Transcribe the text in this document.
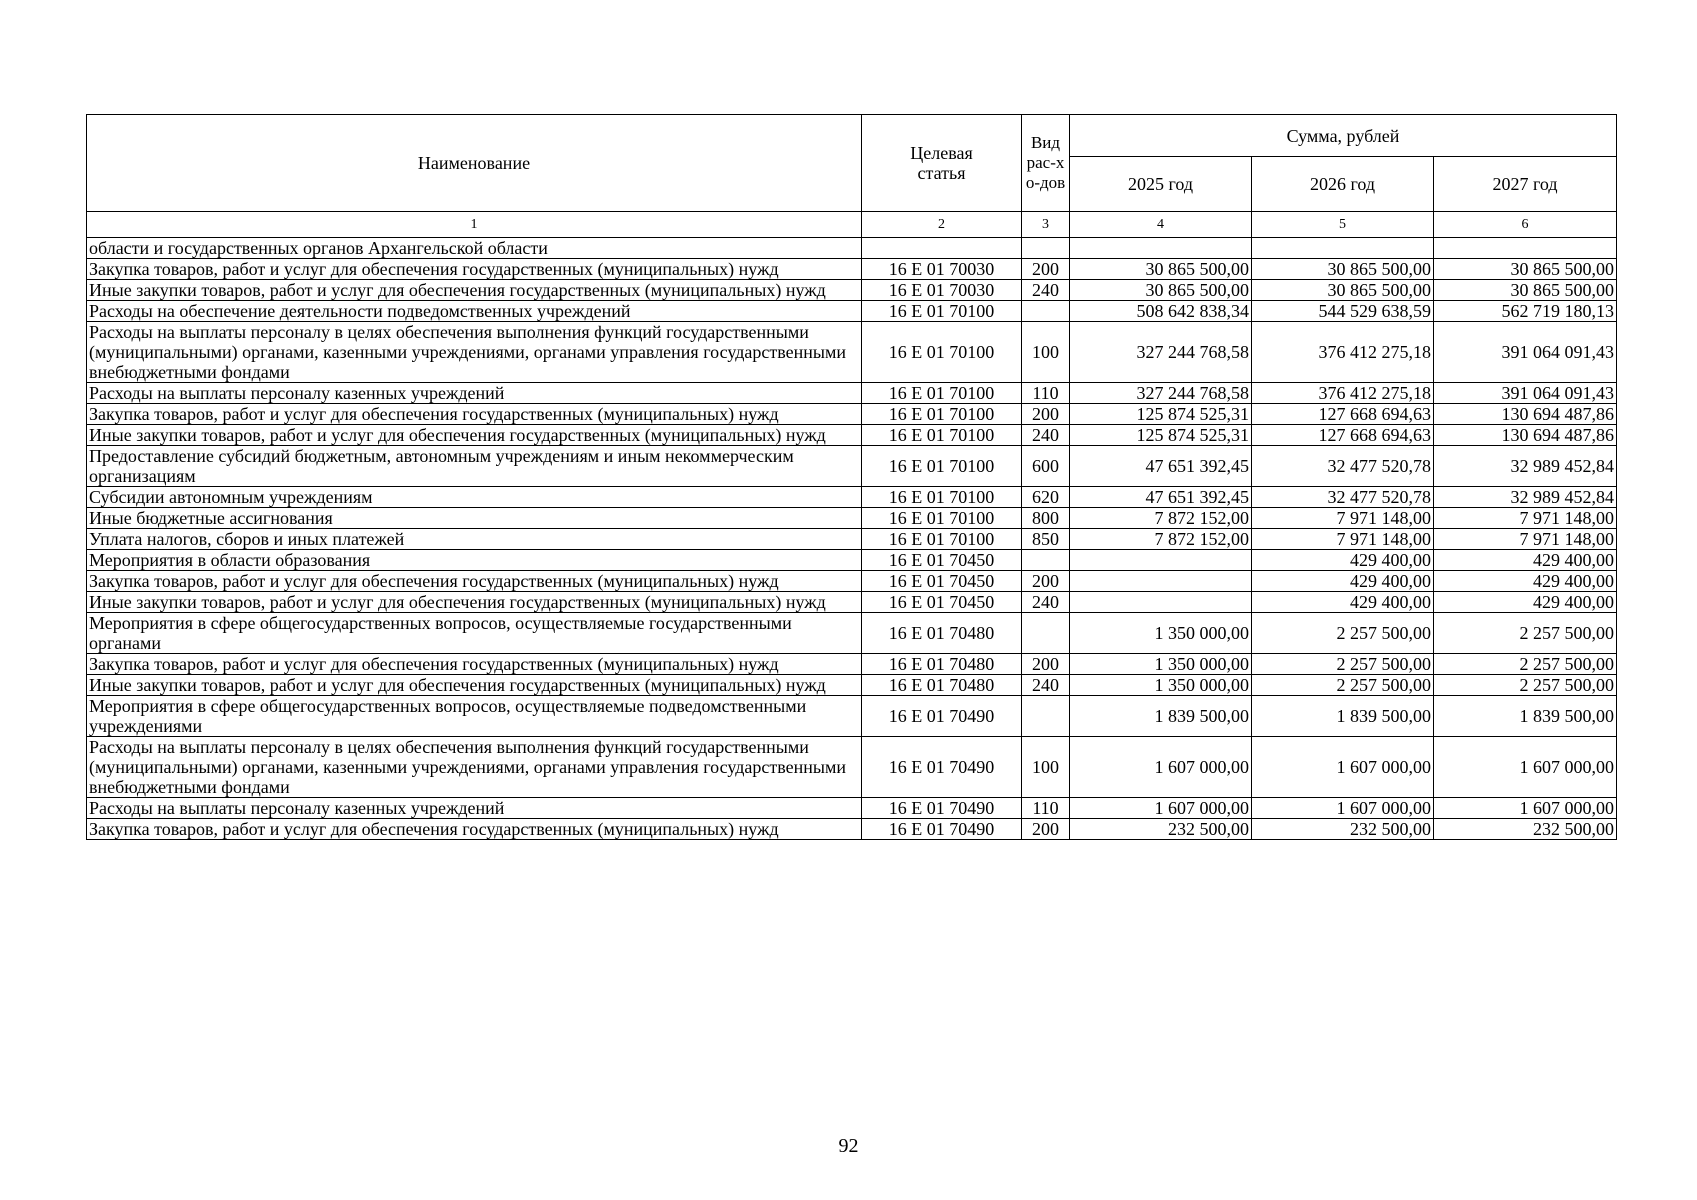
Наименование	Целевая статья	Вид рас-хо-дов	Сумма, рублей		
			2025 год	2026 год	2027 год
1	2	3	4	5	6
области и государственных органов Архангельской области					
Закупка товаров, работ и услуг для обеспечения государственных (муниципальных) нужд	16 Е 01 70030	200	30 865 500,00	30 865 500,00	30 865 500,00
Иные закупки товаров, работ и услуг для обеспечения государственных (муниципальных) нужд	16 Е 01 70030	240	30 865 500,00	30 865 500,00	30 865 500,00
Расходы на обеспечение деятельности подведомственных учреждений	16 Е 01 70100		508 642 838,34	544 529 638,59	562 719 180,13
Расходы на выплаты персоналу в целях обеспечения выполнения функций государственными (муниципальными) органами, казенными учреждениями, органами управления государственными внебюджетными фондами	16 Е 01 70100	100	327 244 768,58	376 412 275,18	391 064 091,43
Расходы на выплаты персоналу казенных учреждений	16 Е 01 70100	110	327 244 768,58	376 412 275,18	391 064 091,43
Закупка товаров, работ и услуг для обеспечения государственных (муниципальных) нужд	16 Е 01 70100	200	125 874 525,31	127 668 694,63	130 694 487,86
Иные закупки товаров, работ и услуг для обеспечения государственных (муниципальных) нужд	16 Е 01 70100	240	125 874 525,31	127 668 694,63	130 694 487,86
Предоставление субсидий бюджетным, автономным учреждениям и иным некоммерческим организациям	16 Е 01 70100	600	47 651 392,45	32 477 520,78	32 989 452,84
Субсидии автономным учреждениям	16 Е 01 70100	620	47 651 392,45	32 477 520,78	32 989 452,84
Иные бюджетные ассигнования	16 Е 01 70100	800	7 872 152,00	7 971 148,00	7 971 148,00
Уплата налогов, сборов и иных платежей	16 Е 01 70100	850	7 872 152,00	7 971 148,00	7 971 148,00
Мероприятия в области образования	16 Е 01 70450			429 400,00	429 400,00
Закупка товаров, работ и услуг для обеспечения государственных (муниципальных) нужд	16 Е 01 70450	200		429 400,00	429 400,00
Иные закупки товаров, работ и услуг для обеспечения государственных (муниципальных) нужд	16 Е 01 70450	240		429 400,00	429 400,00
Мероприятия в сфере общегосударственных вопросов, осуществляемые государственными органами	16 Е 01 70480		1 350 000,00	2 257 500,00	2 257 500,00
Закупка товаров, работ и услуг для обеспечения государственных (муниципальных) нужд	16 Е 01 70480	200	1 350 000,00	2 257 500,00	2 257 500,00
Иные закупки товаров, работ и услуг для обеспечения государственных (муниципальных) нужд	16 Е 01 70480	240	1 350 000,00	2 257 500,00	2 257 500,00
Мероприятия в сфере общегосударственных вопросов, осуществляемые подведомственными учреждениями	16 Е 01 70490		1 839 500,00	1 839 500,00	1 839 500,00
Расходы на выплаты персоналу в целях обеспечения выполнения функций государственными (муниципальными) органами, казенными учреждениями, органами управления государственными внебюджетными фондами	16 Е 01 70490	100	1 607 000,00	1 607 000,00	1 607 000,00
Расходы на выплаты персоналу казенных учреждений	16 Е 01 70490	110	1 607 000,00	1 607 000,00	1 607 000,00
Закупка товаров, работ и услуг для обеспечения государственных (муниципальных) нужд	16 Е 01 70490	200	232 500,00	232 500,00	232 500,00
92
